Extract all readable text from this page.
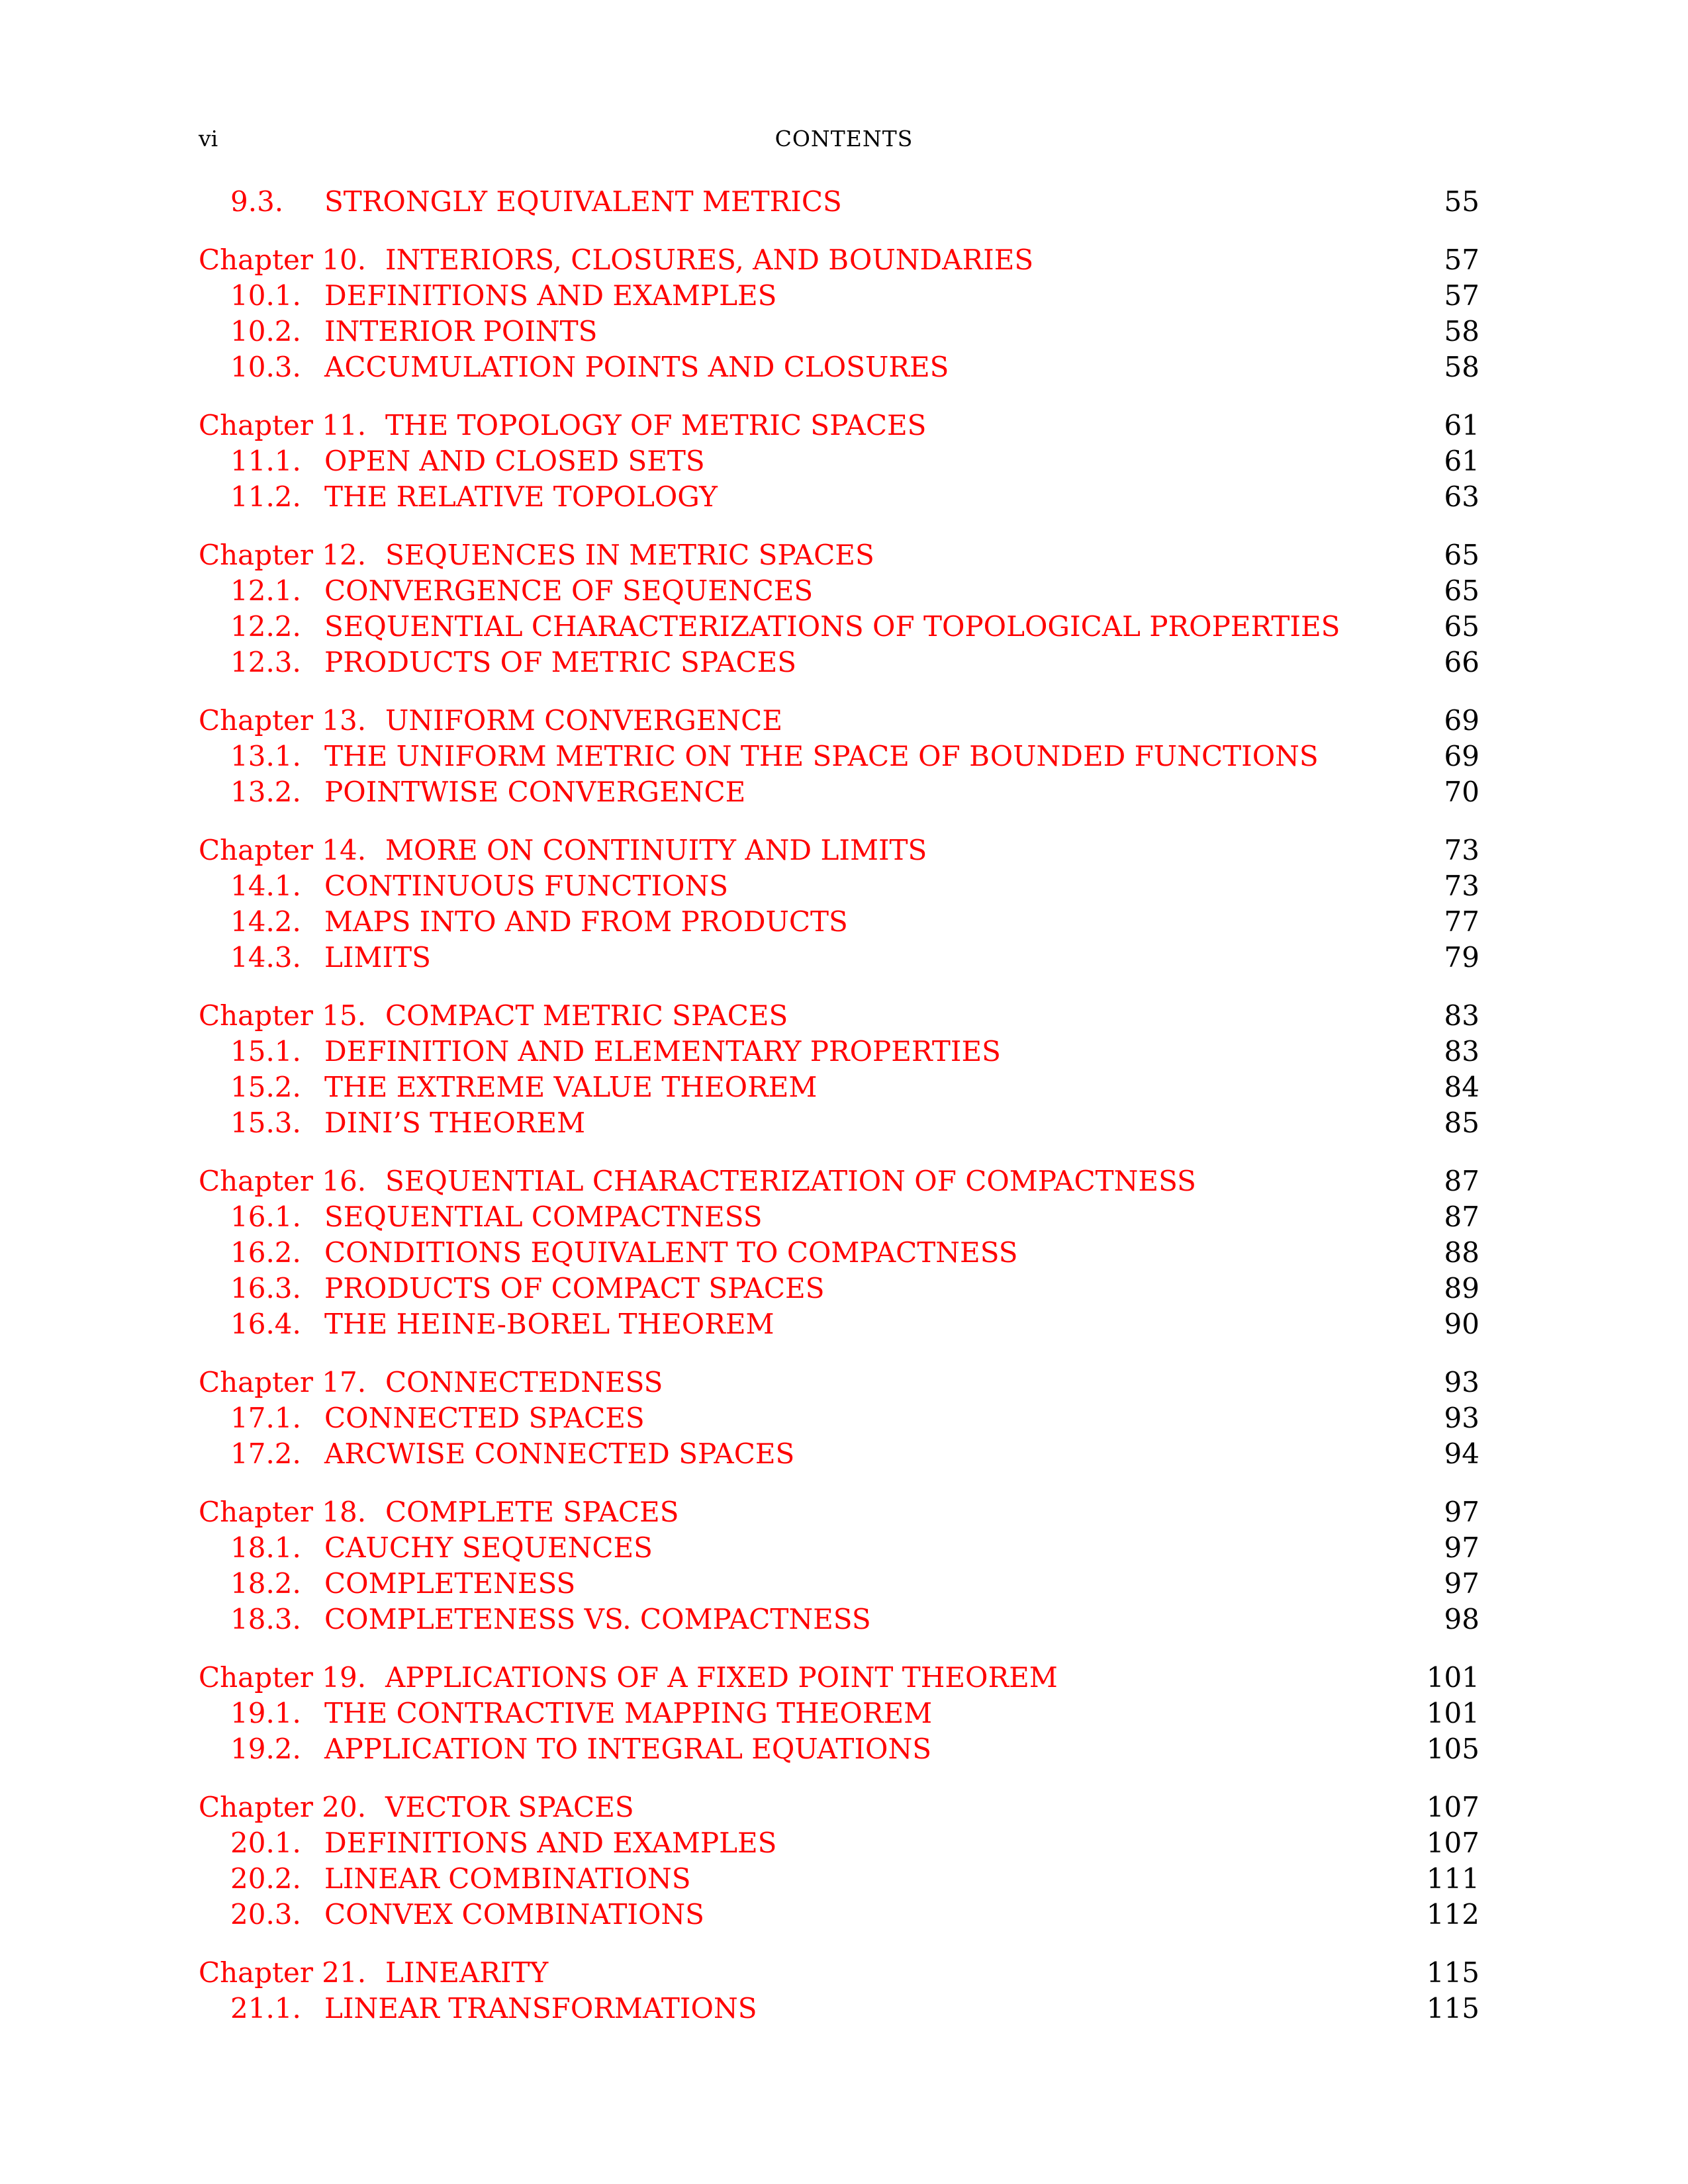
vi	CONTENTS
9.3. STRONGLY EQUIVALENT METRICS	55
Chapter 10. INTERIORS, CLOSURES, AND BOUNDARIES	57
10.1. DEFINITIONS AND EXAMPLES	57
10.2. INTERIOR POINTS	58
10.3. ACCUMULATION POINTS AND CLOSURES	58
Chapter 11. THE TOPOLOGY OF METRIC SPACES	61
11.1. OPEN AND CLOSED SETS	61
11.2. THE RELATIVE TOPOLOGY	63
Chapter 12. SEQUENCES IN METRIC SPACES	65
12.1. CONVERGENCE OF SEQUENCES	65
12.2. SEQUENTIAL CHARACTERIZATIONS OF TOPOLOGICAL PROPERTIES	65
12.3. PRODUCTS OF METRIC SPACES	66
Chapter 13. UNIFORM CONVERGENCE	69
13.1. THE UNIFORM METRIC ON THE SPACE OF BOUNDED FUNCTIONS	69
13.2. POINTWISE CONVERGENCE	70
Chapter 14. MORE ON CONTINUITY AND LIMITS	73
14.1. CONTINUOUS FUNCTIONS	73
14.2. MAPS INTO AND FROM PRODUCTS	77
14.3. LIMITS	79
Chapter 15. COMPACT METRIC SPACES	83
15.1. DEFINITION AND ELEMENTARY PROPERTIES	83
15.2. THE EXTREME VALUE THEOREM	84
15.3. DINI’S THEOREM	85
Chapter 16. SEQUENTIAL CHARACTERIZATION OF COMPACTNESS	87
16.1. SEQUENTIAL COMPACTNESS	87
16.2. CONDITIONS EQUIVALENT TO COMPACTNESS	88
16.3. PRODUCTS OF COMPACT SPACES	89
16.4. THE HEINE-BOREL THEOREM	90
Chapter 17. CONNECTEDNESS	93
17.1. CONNECTED SPACES	93
17.2. ARCWISE CONNECTED SPACES	94
Chapter 18. COMPLETE SPACES	97
18.1. CAUCHY SEQUENCES	97
18.2. COMPLETENESS	97
18.3. COMPLETENESS VS. COMPACTNESS	98
Chapter 19. APPLICATIONS OF A FIXED POINT THEOREM	101
19.1. THE CONTRACTIVE MAPPING THEOREM	101
19.2. APPLICATION TO INTEGRAL EQUATIONS	105
Chapter 20. VECTOR SPACES	107
20.1. DEFINITIONS AND EXAMPLES	107
20.2. LINEAR COMBINATIONS	111
20.3. CONVEX COMBINATIONS	112
Chapter 21. LINEARITY	115
21.1. LINEAR TRANSFORMATIONS	115
